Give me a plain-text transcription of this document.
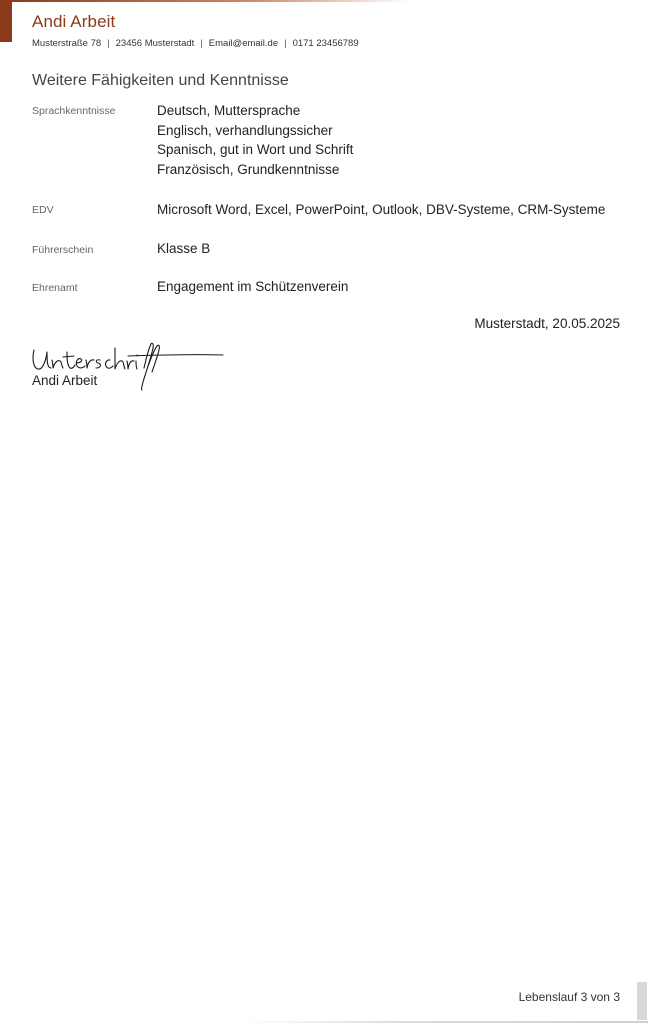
Andi Arbeit
Musterstraße 78 | 23456 Musterstadt | Email@email.de | 0171 23456789
Weitere Fähigkeiten und Kenntnisse
Sprachkenntnisse	Deutsch, Muttersprache
Englisch, verhandlungssicher
Spanisch, gut in Wort und Schrift
Französisch, Grundkenntnisse
EDV	Microsoft Word, Excel, PowerPoint, Outlook, DBV-Systeme, CRM-Systeme
Führerschein	Klasse B
Ehrenamt	Engagement im Schützenverein
Musterstadt, 20.05.2025
Andi Arbeit
Lebenslauf 3 von 3
